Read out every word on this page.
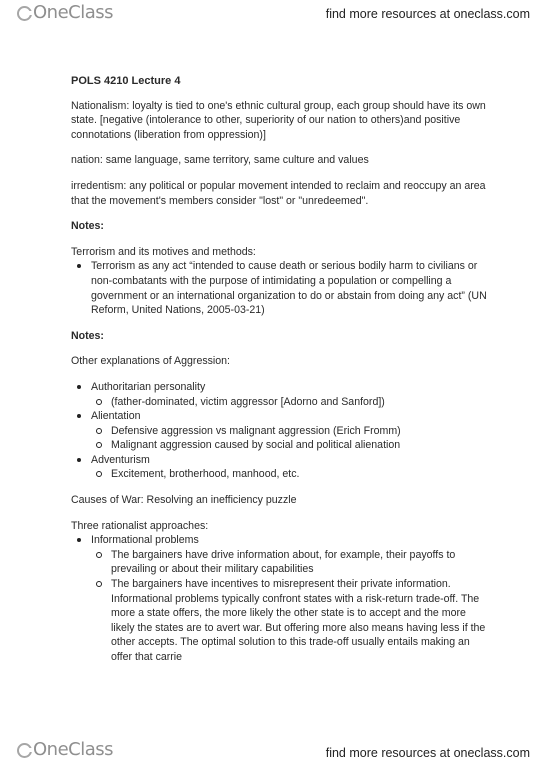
OneClass	find more resources at oneclass.com

POLS 4210 Lecture 4

Nationalism: loyalty is tied to one's ethnic cultural group, each group should have its own state. [negative (intolerance to other, superiority of our nation to others)and positive connotations (liberation from oppression)]

nation: same language, same territory, same culture and values

irredentism: any political or popular movement intended to reclaim and reoccupy an area that the movement's members consider "lost" or "unredeemed".

Notes:

Terrorism and its motives and methods:

Terrorism as any act “intended to cause death or serious bodily harm to civilians or non-combatants with the purpose of intimidating a population or compelling a government or an international organization to do or abstain from doing any act” (UN Reform, United Nations, 2005-03-21)

Notes:

Other explanations of Aggression:

Authoritarian personality
(father-dominated, victim aggressor [Adorno and Sanford])
Alientation
Defensive aggression vs malignant aggression (Erich Fromm)
Malignant aggression caused by social and political alienation
Adventurism
Excitement, brotherhood, manhood, etc.

Causes of War: Resolving an inefficiency puzzle

Three rationalist approaches:

Informational problems
The bargainers have drive information about, for example, their payoffs to prevailing or about their military capabilities
The bargainers have incentives to misrepresent their private information. Informational problems typically confront states with a risk-return trade-off. The more a state offers, the more likely the other state is to accept and the more likely the states are to avert war. But offering more also means having less if the other accepts. The optimal solution to this trade-off usually entails making an offer that carrie
OneClass	find more resources at oneclass.com
